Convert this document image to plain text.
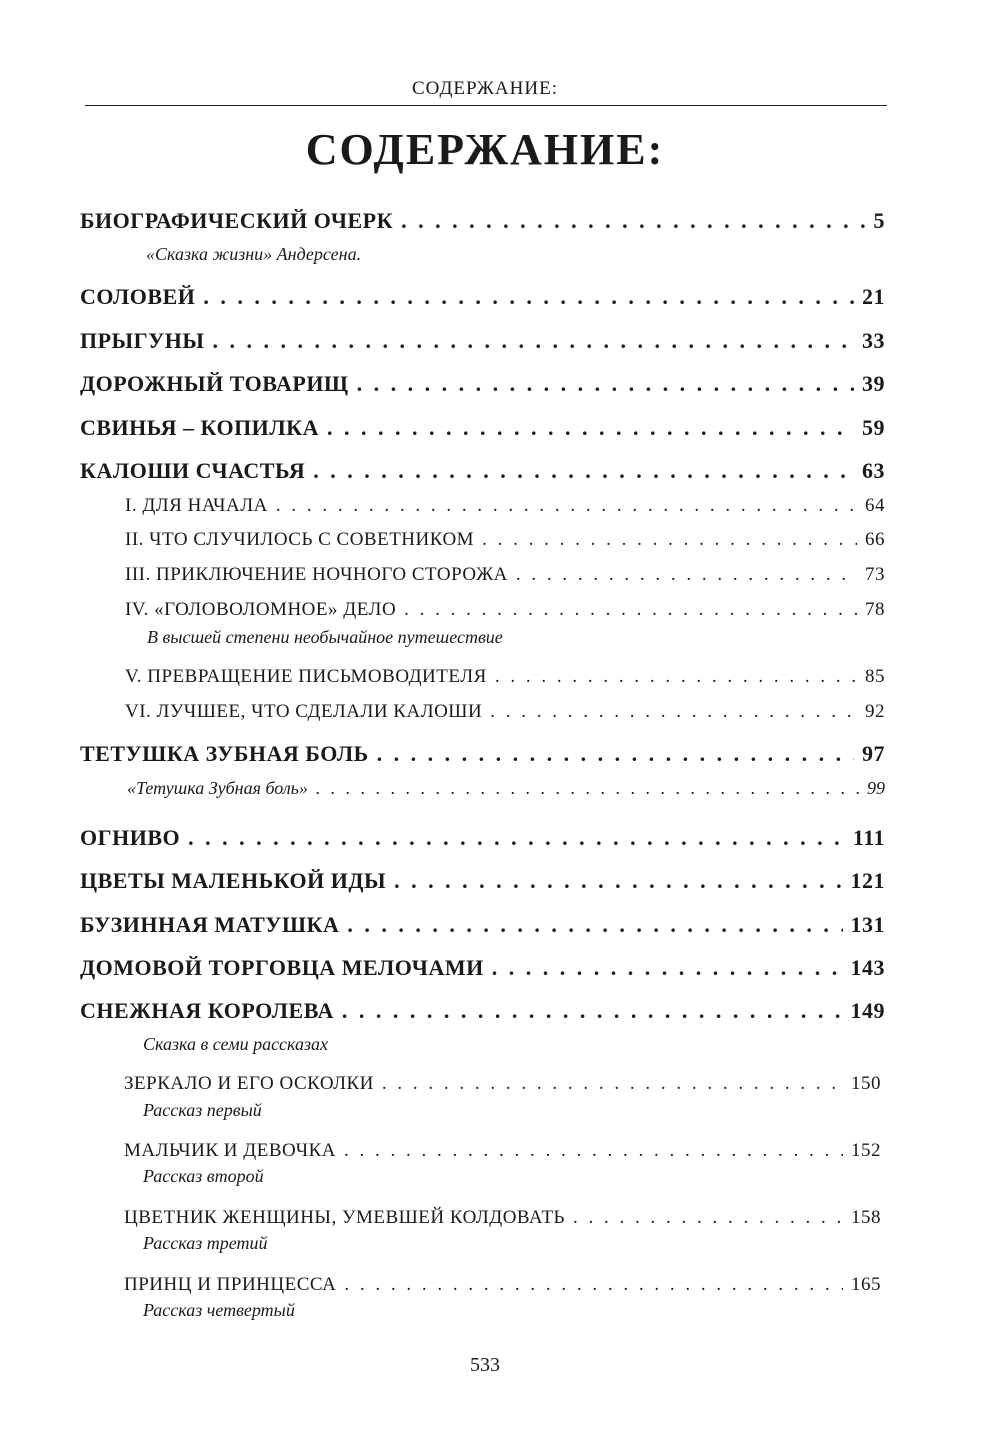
СОДЕРЖАНИЕ:
СОДЕРЖАНИЕ:
БИОГРАФИЧЕСКИЙ ОЧЕРК . . .	5
«Сказка жизни» Андерсена.
СОЛОВЕЙ . . .	21
ПРЫГУНЫ . . .	33
ДОРОЖНЫЙ ТОВАРИЩ . . .	39
СВИНЬЯ – КОПИЛКА . . .	59
КАЛОШИ СЧАСТЬЯ . . .	63
I. ДЛЯ НАЧАЛА . . .	64
II. ЧТО СЛУЧИЛОСЬ С СОВЕТНИКОМ . . .	66
III. ПРИКЛЮЧЕНИЕ НОЧНОГО СТОРОЖА . . .	73
IV. «ГОЛОВОЛОМНОЕ» ДЕЛО . . .	78
В высшей степени необычайное путешествие
V. ПРЕВРАЩЕНИЕ ПИСЬМОВОДИТЕЛЯ . . .	85
VI. ЛУЧШЕЕ, ЧТО СДЕЛАЛИ КАЛОШИ . . .	92
ТЕТУШКА ЗУБНАЯ БОЛЬ . . .	97
«Тетушка Зубная боль» . . .	99
ОГНИВО . . .	111
ЦВЕТЫ МАЛЕНЬКОЙ ИДЫ . . .	121
БУЗИННАЯ МАТУШКА . . .	131
ДОМОВОЙ ТОРГОВЦА МЕЛОЧАМИ . . .	143
СНЕЖНАЯ КОРОЛЕВА . . .	149
Сказка в семи рассказах
ЗЕРКАЛО И ЕГО ОСКОЛКИ . . .	150
Рассказ первый
МАЛЬЧИК И ДЕВОЧКА . . .	152
Рассказ второй
ЦВЕТНИК ЖЕНЩИНЫ, УМЕВШЕЙ КОЛДОВАТЬ . . .	158
Рассказ третий
ПРИНЦ И ПРИНЦЕССА . . .	165
Рассказ четвертый
533
